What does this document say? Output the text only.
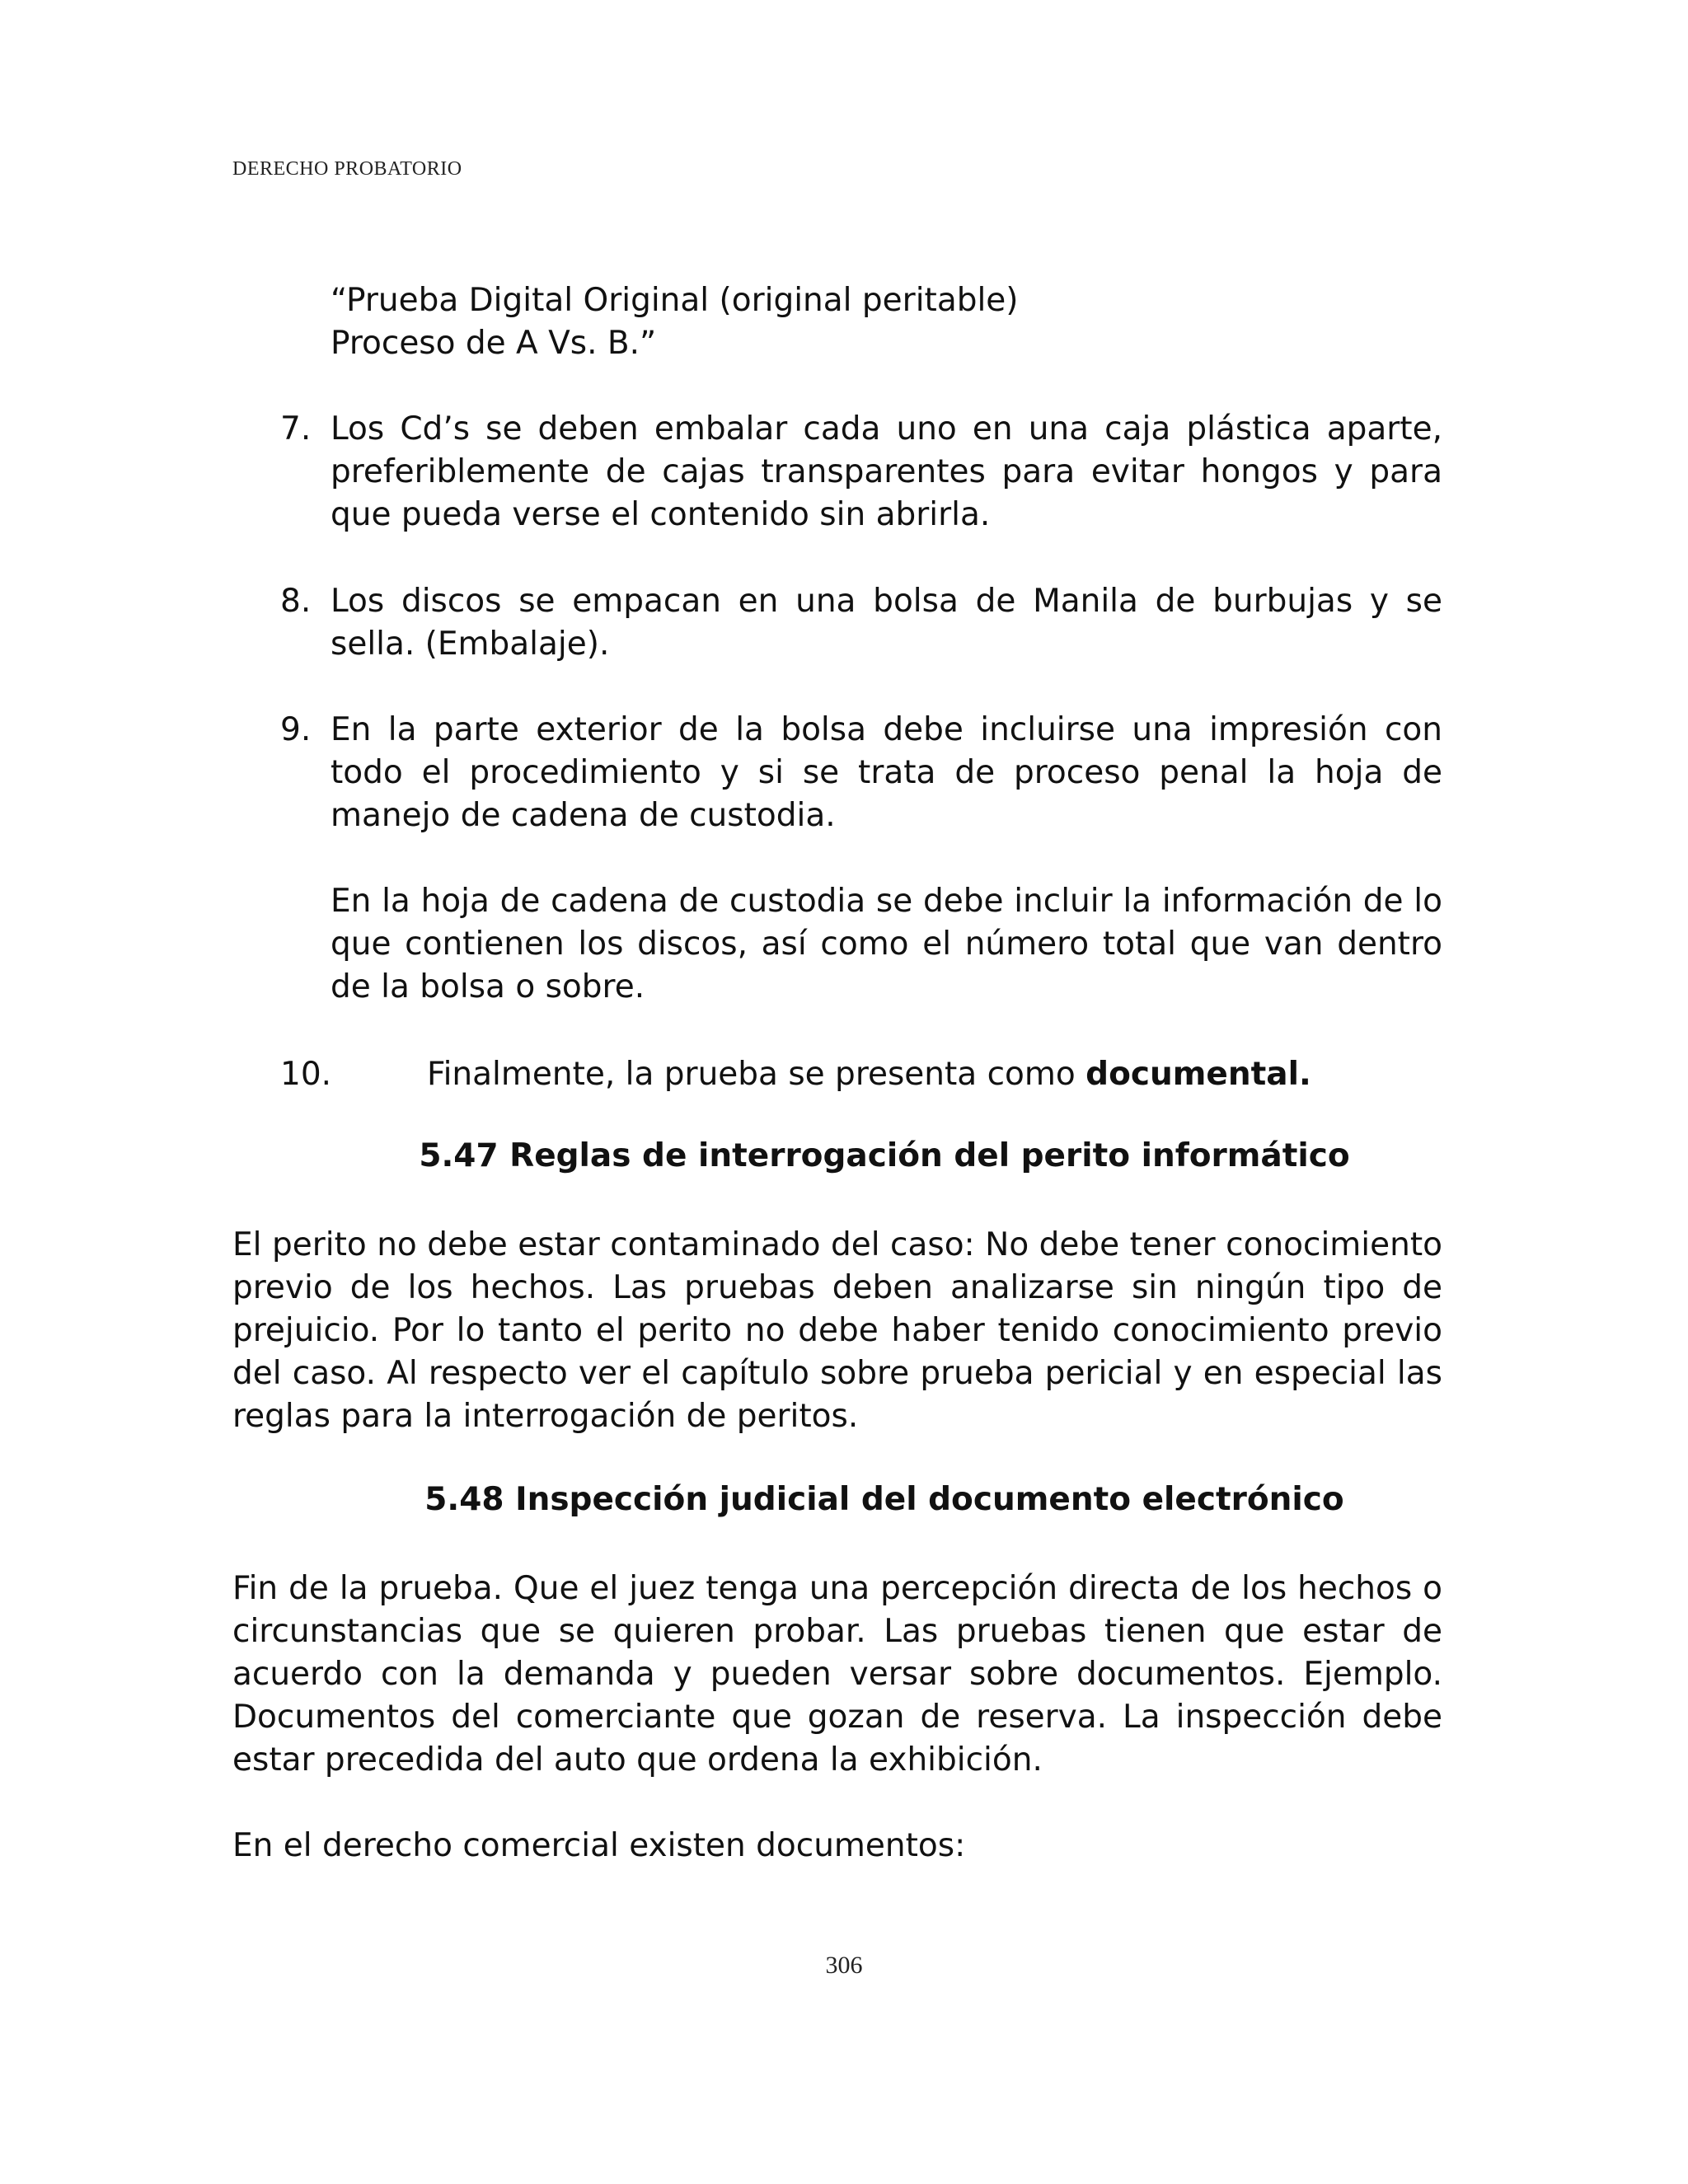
DERECHO PROBATORIO
“Prueba Digital Original (original peritable)
Proceso de A Vs. B.”
7. Los Cd’s se deben embalar cada uno en una caja plástica aparte, preferiblemente de cajas transparentes para evitar hongos y para que pueda verse el contenido sin abrirla.
8. Los discos se empacan en una bolsa de Manila de burbujas y se sella. (Embalaje).
9. En la parte exterior de la bolsa debe incluirse una impresión con todo el procedimiento y si se trata de proceso penal la hoja de manejo de cadena de custodia.
En la hoja de cadena de custodia se debe incluir la información de lo que contienen los discos, así como el número total que van dentro de la bolsa o sobre.
10.	Finalmente, la prueba se presenta como documental.
5.47 Reglas de interrogación del perito informático
El perito no debe estar contaminado del caso: No debe tener conocimiento previo de los hechos. Las pruebas deben analizarse sin ningún tipo de prejuicio. Por lo tanto el perito no debe haber tenido conocimiento previo del caso. Al respecto ver el capítulo sobre prueba pericial y en especial las reglas para la interrogación de peritos.
5.48 Inspección judicial del documento electrónico
Fin de la prueba. Que el juez tenga una percepción directa de los hechos o circunstancias que se quieren probar. Las pruebas tienen que estar de acuerdo con la demanda y pueden versar sobre documentos. Ejemplo. Documentos del comerciante que gozan de reserva. La inspección debe estar precedida del auto que ordena la exhibición.
En el derecho comercial existen documentos:
306
